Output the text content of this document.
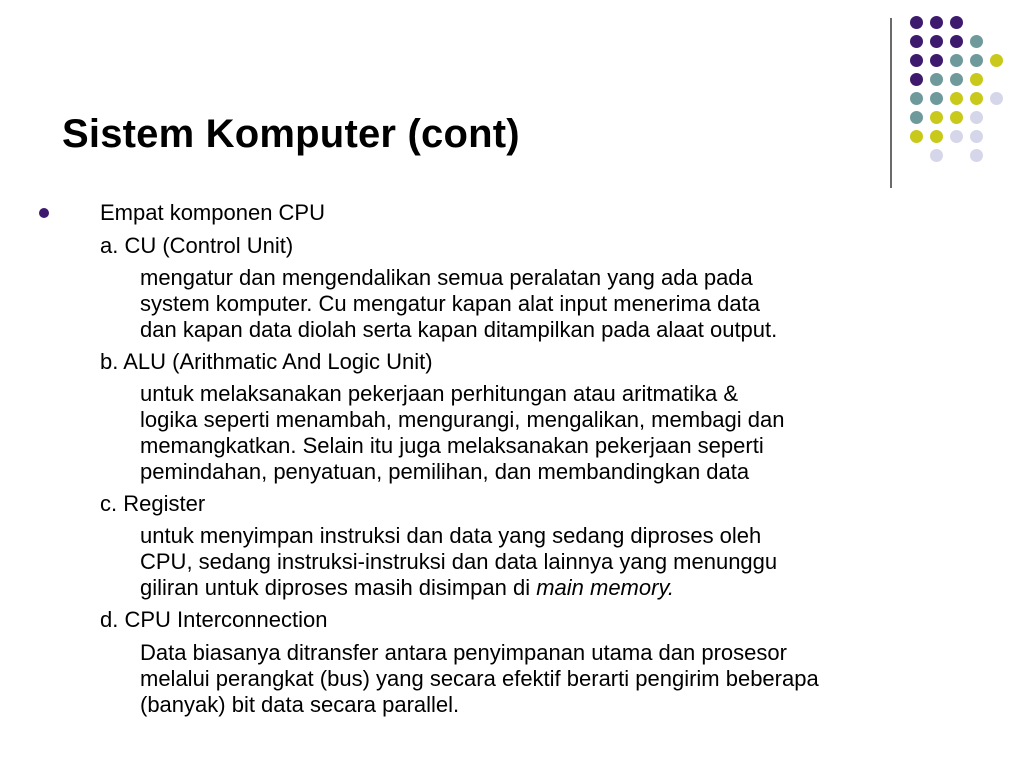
Sistem Komputer (cont)
Empat komponen CPU
a. CU (Control Unit)
mengatur dan mengendalikan semua peralatan yang ada pada
system komputer. Cu mengatur kapan alat input menerima data
dan kapan data diolah serta kapan ditampilkan pada alaat output.
b. ALU (Arithmatic And Logic Unit)
untuk melaksanakan pekerjaan perhitungan atau aritmatika &
logika seperti menambah, mengurangi, mengalikan, membagi dan
memangkatkan. Selain itu juga melaksanakan pekerjaan seperti
pemindahan, penyatuan, pemilihan, dan membandingkan data
c. Register
untuk menyimpan instruksi dan data yang sedang diproses oleh
CPU, sedang instruksi-instruksi dan data lainnya yang menunggu
giliran untuk diproses masih disimpan di main memory.
d. CPU Interconnection
Data biasanya ditransfer antara penyimpanan utama dan prosesor
melalui perangkat (bus) yang secara efektif berarti pengirim beberapa
(banyak) bit data secara parallel.
